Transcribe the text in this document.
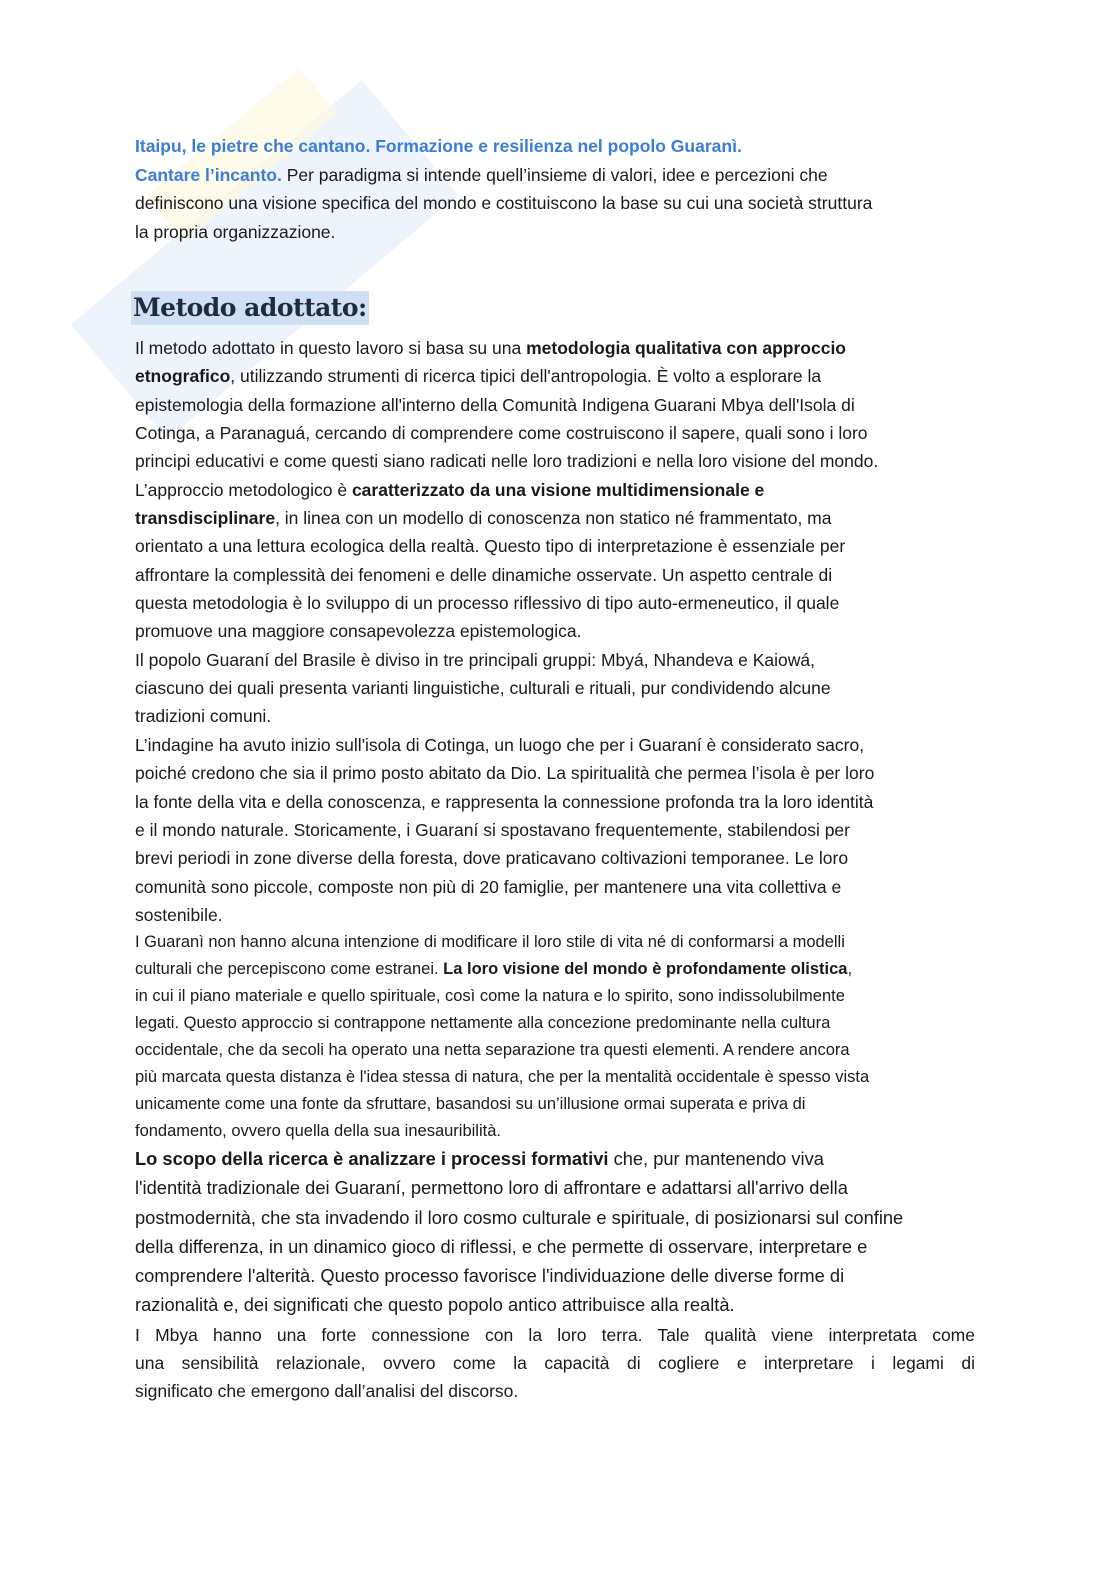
Itaipu, le pietre che cantano. Formazione e resilienza nel popolo Guaranì.
Cantare l’incanto. Per paradigma si intende quell’insieme di valori, idee e percezioni che
definiscono una visione specifica del mondo e costituiscono la base su cui una società struttura
la propria organizzazione.
Metodo adottato:
Il metodo adottato in questo lavoro si basa su una metodologia qualitativa con approccio
etnografico, utilizzando strumenti di ricerca tipici dell'antropologia. È volto a esplorare la
epistemologia della formazione all'interno della Comunità Indigena Guarani Mbya dell'Isola di
Cotinga, a Paranaguá, cercando di comprendere come costruiscono il sapere, quali sono i loro
principi educativi e come questi siano radicati nelle loro tradizioni e nella loro visione del mondo.
L’approccio metodologico è caratterizzato da una visione multidimensionale e
transdisciplinare, in linea con un modello di conoscenza non statico né frammentato, ma
orientato a una lettura ecologica della realtà. Questo tipo di interpretazione è essenziale per
affrontare la complessità dei fenomeni e delle dinamiche osservate. Un aspetto centrale di
questa metodologia è lo sviluppo di un processo riflessivo di tipo auto-ermeneutico, il quale
promuove una maggiore consapevolezza epistemologica.
Il popolo Guaraní del Brasile è diviso in tre principali gruppi: Mbyá, Nhandeva e Kaiowá,
ciascuno dei quali presenta varianti linguistiche, culturali e rituali, pur condividendo alcune
tradizioni comuni.
L’indagine ha avuto inizio sull'isola di Cotinga, un luogo che per i Guaraní è considerato sacro,
poiché credono che sia il primo posto abitato da Dio. La spiritualità che permea l’isola è per loro
la fonte della vita e della conoscenza, e rappresenta la connessione profonda tra la loro identità
e il mondo naturale. Storicamente, i Guaraní si spostavano frequentemente, stabilendosi per
brevi periodi in zone diverse della foresta, dove praticavano coltivazioni temporanee. Le loro
comunità sono piccole, composte non più di 20 famiglie, per mantenere una vita collettiva e
sostenibile.
I Guaranì non hanno alcuna intenzione di modificare il loro stile di vita né di conformarsi a modelli
culturali che percepiscono come estranei. La loro visione del mondo è profondamente olistica,
in cui il piano materiale e quello spirituale, così come la natura e lo spirito, sono indissolubilmente
legati. Questo approccio si contrappone nettamente alla concezione predominante nella cultura
occidentale, che da secoli ha operato una netta separazione tra questi elementi. A rendere ancora
più marcata questa distanza è l'idea stessa di natura, che per la mentalità occidentale è spesso vista
unicamente come una fonte da sfruttare, basandosi su un’illusione ormai superata e priva di
fondamento, ovvero quella della sua inesauribilità.
Lo scopo della ricerca è analizzare i processi formativi che, pur mantenendo viva
l'identità tradizionale dei Guaraní, permettono loro di affrontare e adattarsi all'arrivo della
postmodernità, che sta invadendo il loro cosmo culturale e spirituale, di posizionarsi sul confine
della differenza, in un dinamico gioco di riflessi, e che permette di osservare, interpretare e
comprendere l'alterità. Questo processo favorisce l'individuazione delle diverse forme di
razionalità e, dei significati che questo popolo antico attribuisce alla realtà.
I Mbya hanno una forte connessione con la loro terra. Tale qualità viene interpretata come
una sensibilità relazionale, ovvero come la capacità di cogliere e interpretare i legami di
significato che emergono dall’analisi del discorso.
